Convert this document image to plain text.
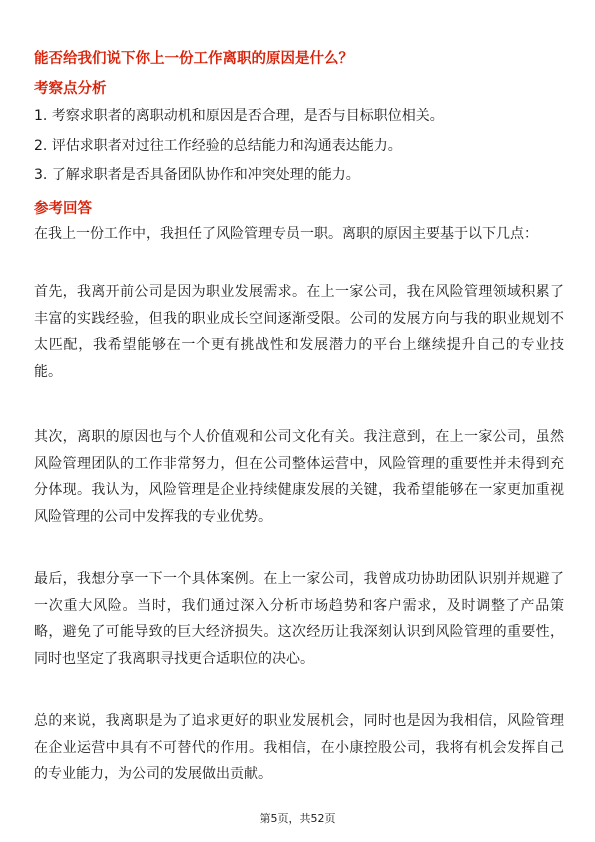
能否给我们说下你上一份工作离职的原因是什么？
考察点分析
1. 考察求职者的离职动机和原因是否合理，是否与目标职位相关。
2. 评估求职者对过往工作经验的总结能力和沟通表达能力。
3. 了解求职者是否具备团队协作和冲突处理的能力。
参考回答

在我上一份工作中，我担任了风险管理专员一职。离职的原因主要基于以下几点：

首先，我离开前公司是因为职业发展需求。在上一家公司，我在风险管理领域积累了丰富的实践经验，但我的职业成长空间逐渐受限。公司的发展方向与我的职业规划不太匹配，我希望能够在一个更有挑战性和发展潜力的平台上继续提升自己的专业技能。

其次，离职的原因也与个人价值观和公司文化有关。我注意到，在上一家公司，虽然风险管理团队的工作非常努力，但在公司整体运营中，风险管理的重要性并未得到充分体现。我认为，风险管理是企业持续健康发展的关键，我希望能够在一家更加重视风险管理的公司中发挥我的专业优势。

最后，我想分享一下一个具体案例。在上一家公司，我曾成功协助团队识别并规避了一次重大风险。当时，我们通过深入分析市场趋势和客户需求，及时调整了产品策略，避免了可能导致的巨大经济损失。这次经历让我深刻认识到风险管理的重要性，同时也坚定了我离职寻找更合适职位的决心。

总的来说，我离职是为了追求更好的职业发展机会，同时也是因为我相信，风险管理在企业运营中具有不可替代的作用。我相信，在小康控股公司，我将有机会发挥自己的专业能力，为公司的发展做出贡献。

第5页，共52页
